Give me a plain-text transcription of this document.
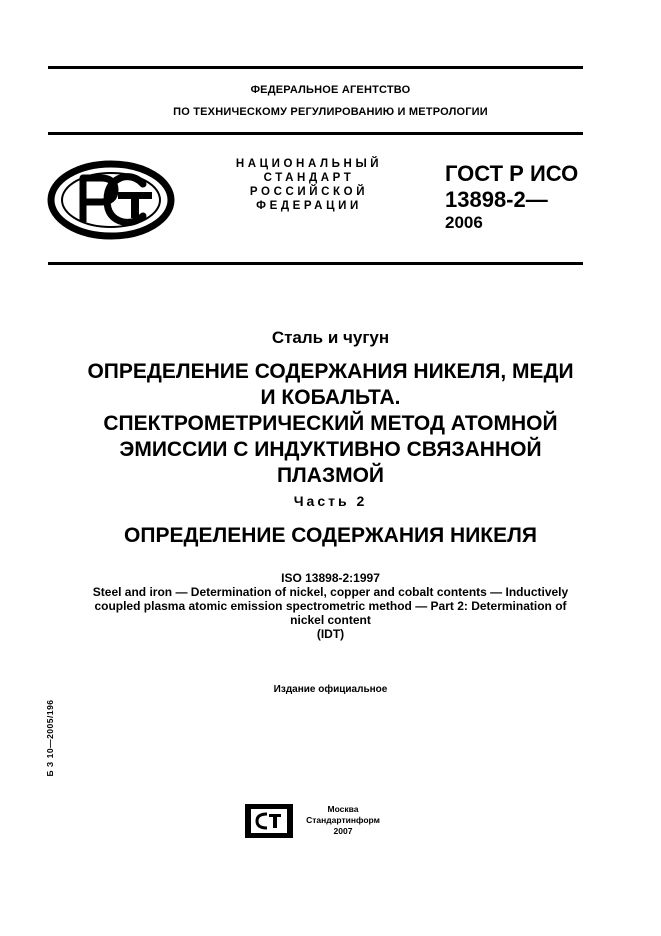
ФЕДЕРАЛЬНОЕ АГЕНТСТВО
ПО ТЕХНИЧЕСКОМУ РЕГУЛИРОВАНИЮ И МЕТРОЛОГИИ
НАЦИОНАЛЬНЫЙ
СТАНДАРТ
РОССИЙСКОЙ
ФЕДЕРАЦИИ
ГОСТ Р ИСО
13898-2—
2006
Сталь и чугун
ОПРЕДЕЛЕНИЕ СОДЕРЖАНИЯ НИКЕЛЯ, МЕДИ
И КОБАЛЬТА.
СПЕКТРОМЕТРИЧЕСКИЙ МЕТОД АТОМНОЙ
ЭМИССИИ С ИНДУКТИВНО СВЯЗАННОЙ
ПЛАЗМОЙ
Часть 2
ОПРЕДЕЛЕНИЕ СОДЕРЖАНИЯ НИКЕЛЯ
ISO 13898-2:1997
Steel and iron — Determination of nickel, copper and cobalt contents — Inductively
coupled plasma atomic emission spectrometric method — Part 2: Determination of
nickel content
(IDT)
Издание официальное
Б З 10—2005/196
Москва
Стандартинформ
2007
